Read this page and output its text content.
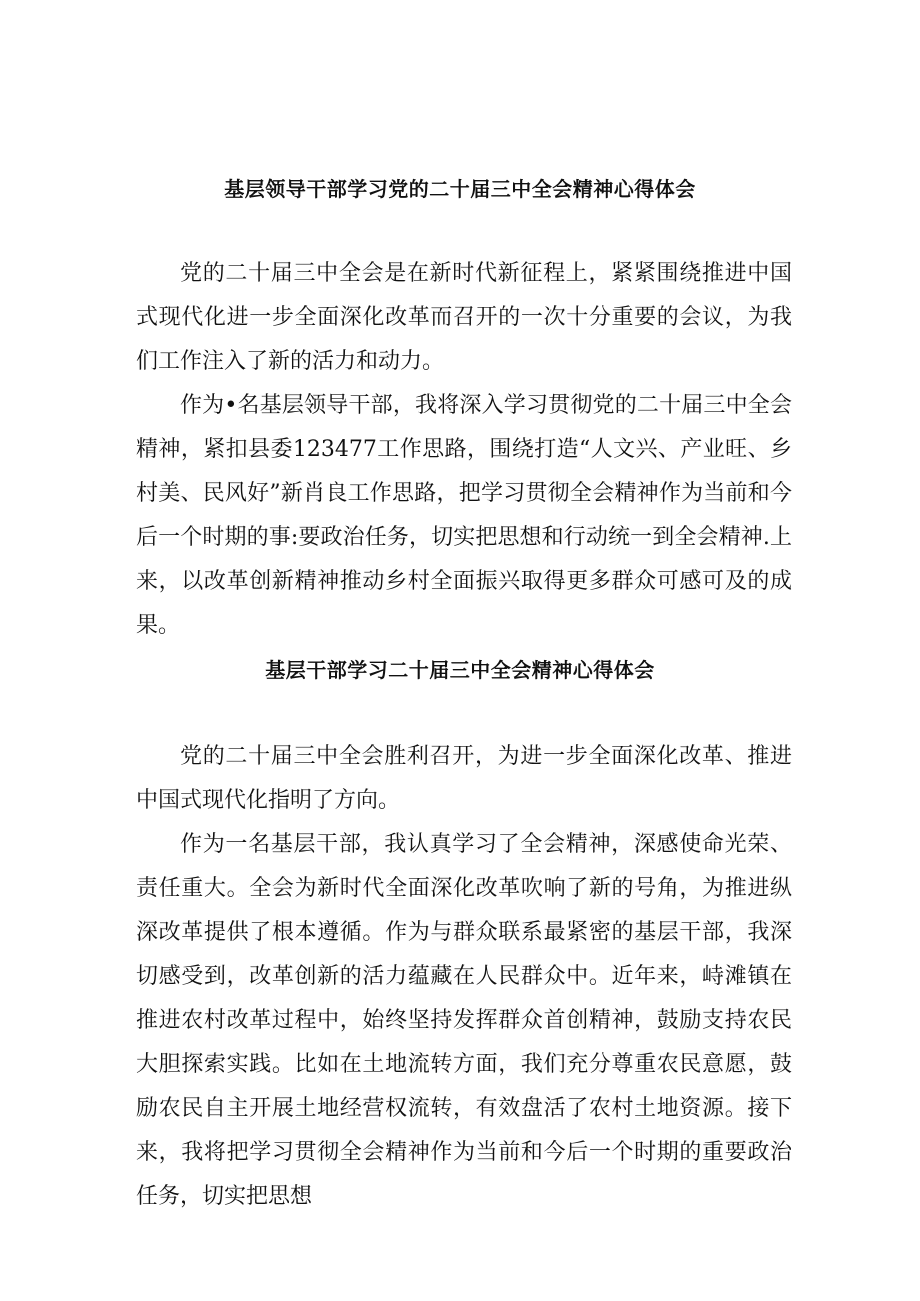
基层领导干部学习党的二十届三中全会精神心得体会

党的二十届三中全会是在新时代新征程上，紧紧围绕推进中国式现代化进一步全面深化改革而召开的一次十分重要的会议，为我们工作注入了新的活力和动力。

作为•名基层领导干部，我将深入学习贯彻党的二十届三中全会精神，紧扣县委123477工作思路，围绕打造“人文兴、产业旺、乡村美、民风好”新肖良工作思路，把学习贯彻全会精神作为当前和今后一个时期的事:要政治任务，切实把思想和行动统一到全会精神.上来，以改革创新精神推动乡村全面振兴取得更多群众可感可及的成果。

基层干部学习二十届三中全会精神心得体会

党的二十届三中全会胜利召开，为进一步全面深化改革、推进中国式现代化指明了方向。

作为一名基层干部，我认真学习了全会精神，深感使命光荣、责任重大。全会为新时代全面深化改革吹响了新的号角，为推进纵深改革提供了根本遵循。作为与群众联系最紧密的基层干部，我深切感受到，改革创新的活力蕴藏在人民群众中。近年来，峙滩镇在推进农村改革过程中，始终坚持发挥群众首创精神，鼓励支持农民大胆探索实践。比如在土地流转方面，我们充分尊重农民意愿，鼓励农民自主开展土地经营权流转，有效盘活了农村土地资源。接下来，我将把学习贯彻全会精神作为当前和今后一个时期的重要政治任务，切实把思想
